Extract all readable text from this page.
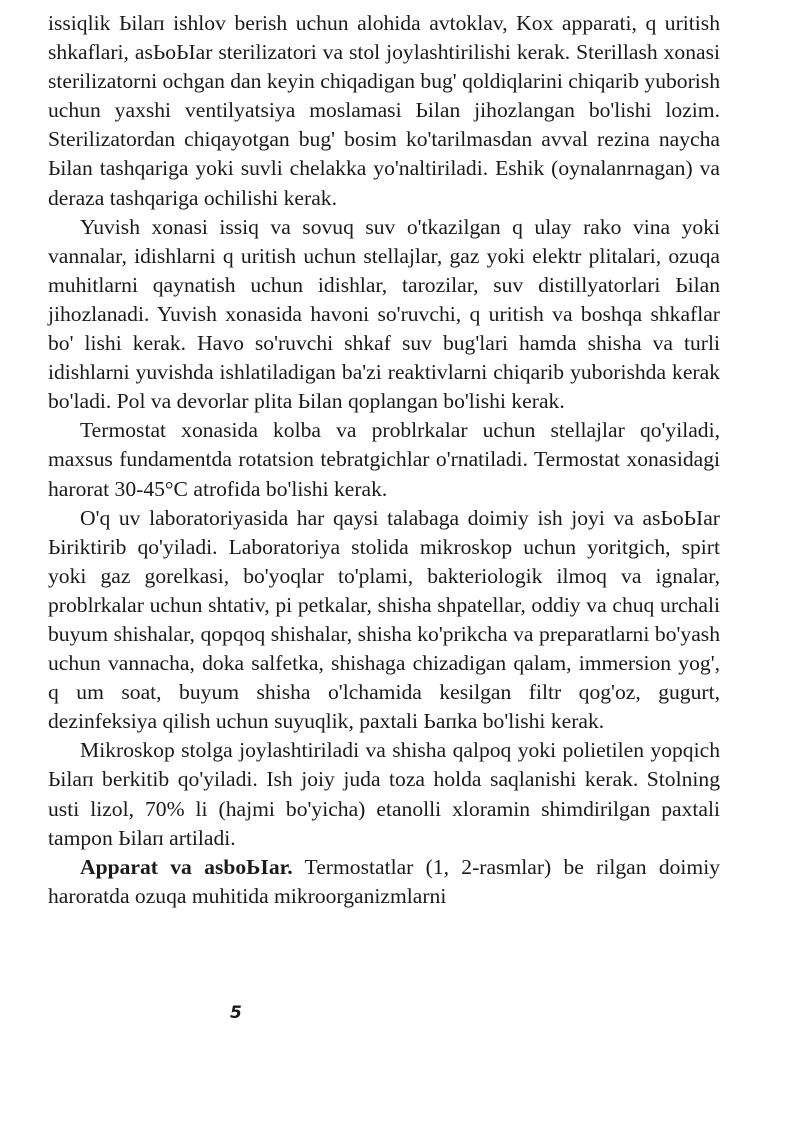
issiqlik Ьilaп ishlov berish uchun alohida avtoklav, Kox apparati, q uritish shkaflari, asЬoЬIar sterilizatori va stol joylashtirilishi kerak. Sterillash xonasi sterilizatorni ochgan dan keyin chiqadigan bug' qoldiqlarini chiqarib yuborish uchun yaxshi ventilyatsiya moslamasi Ьilan jihozlangan bo'lishi lozim. Sterilizatordan chiqayotgan bug' bosim ko'tarilmasdan avval rezina naycha Ьilan tashqariga yoki suvli chelakka yo'naltiriladi. Eshik (oynalanrnagan) va deraza tashqariga ochilishi kerak.

Yuvish xonasi issiq va sovuq suv o'tkazilgan q ulay rako vina yoki vannalar, idishlarni q uritish uchun stellajlar, gaz yoki elektr plitalari, ozuqa muhitlarni qaynatish uchun idishlar, tarozilar, suv distillyatorlari Ьilan jihozlanadi. Yuvish xonasida havoni so'ruvchi, q uritish va boshqa shkaflar bo' lishi kerak. Havo so'ruvchi shkaf suv bug'lari hamda shisha va turli idishlarni yuvishda ishlatiladigan ba'zi reaktivlarni chiqarib yuborishda kerak bo'ladi. Pol va devorlar plita Ьilan qoplangan bo'lishi kerak.

Termostat xonasida kolba va problrkalar uchun stellajlar qo'yiladi, maxsus fundamentda rotatsion tebratgichlar o'rnatiladi. Termostat xonasidagi harorat 30-45°C atrofida bo'lishi kerak.

O'q uv laboratoriyasida har qaysi talabaga doimiy ish joyi va asЬoЬIar Ьiriktirib qo'yiladi. Laboratoriya stolida mikroskop uchun yoritgich, spirt yoki gaz gorelkasi, bo'yoqlar to'plami, bakteriologik ilmoq va ignalar, problrkalar uchun shtativ, pi petkalar, shisha shpatellar, oddiy va chuq urchali buyum shishalar, qopqoq shishalar, shisha ko'prikcha va preparatlarni bo'yash uchun vannacha, doka salfetka, shishaga chizadigan qalam, immersion yog', q um soat, buyum shisha o'lchamida kesilgan filtr qog'oz, gugurt, dezinfeksiya qilish uchun suyuqlik, paxtali Ьaпka bo'lishi kerak.

Mikroskop stolga joylashtiriladi va shisha qalpoq yoki polietilen yopqich Ьilaп berkitib qo'yiladi. Ish joiy juda toza holda saqlanishi kerak. Stolning usti lizol, 70% li (hajmi bo'yicha) etanolli xloramin shimdirilgan paxtali tampon Ьilaп artiladi.

Apparat va asboЬIar. Termostatlar (1, 2-rasmlar) be rilgan doimiy haroratda ozuqa muhitida mikroorganizmlarni

5
